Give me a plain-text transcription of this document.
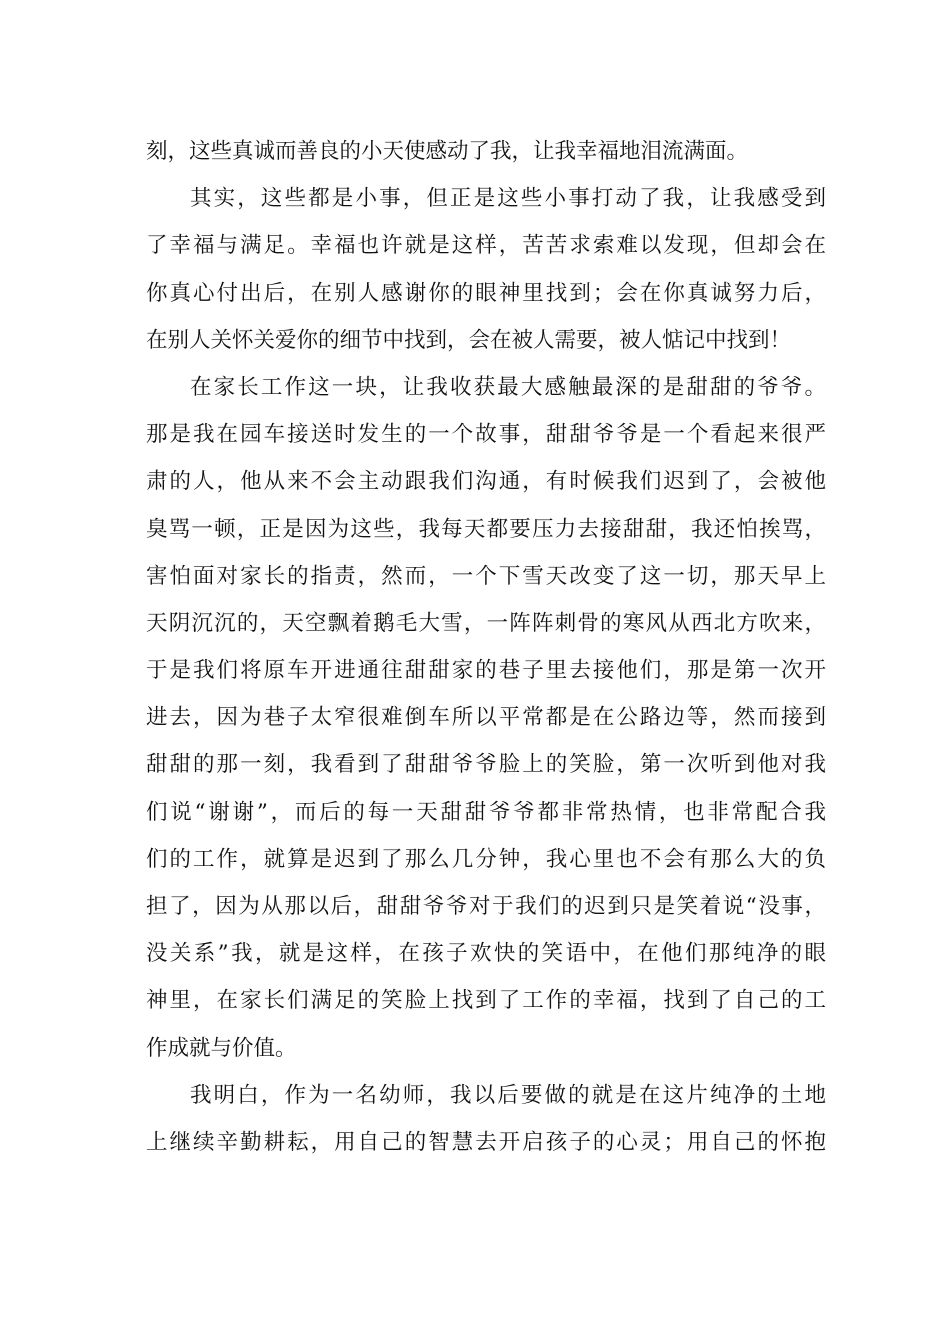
刻，这些真诚而善良的小天使感动了我，让我幸福地泪流满面。
其实，这些都是小事，但正是这些小事打动了我，让我感受到
了幸福与满足。幸福也许就是这样，苦苦求索难以发现，但却会在
你真心付出后，在别人感谢你的眼神里找到；会在你真诚努力后，
在别人关怀关爱你的细节中找到，会在被人需要，被人惦记中找到！
在家长工作这一块，让我收获最大感触最深的是甜甜的爷爷。
那是我在园车接送时发生的一个故事，甜甜爷爷是一个看起来很严
肃的人，他从来不会主动跟我们沟通，有时候我们迟到了，会被他
臭骂一顿，正是因为这些，我每天都要压力去接甜甜，我还怕挨骂，
害怕面对家长的指责，然而，一个下雪天改变了这一切，那天早上
天阴沉沉的，天空飘着鹅毛大雪，一阵阵刺骨的寒风从西北方吹来，
于是我们将原车开进通往甜甜家的巷子里去接他们，那是第一次开
进去，因为巷子太窄很难倒车所以平常都是在公路边等，然而接到
甜甜的那一刻，我看到了甜甜爷爷脸上的笑脸，第一次听到他对我
们说“谢谢”，而后的每一天甜甜爷爷都非常热情，也非常配合我
们的工作，就算是迟到了那么几分钟，我心里也不会有那么大的负
担了，因为从那以后，甜甜爷爷对于我们的迟到只是笑着说“没事，
没关系”我，就是这样，在孩子欢快的笑语中，在他们那纯净的眼
神里，在家长们满足的笑脸上找到了工作的幸福，找到了自己的工
作成就与价值。
我明白，作为一名幼师，我以后要做的就是在这片纯净的土地
上继续辛勤耕耘，用自己的智慧去开启孩子的心灵；用自己的怀抱
